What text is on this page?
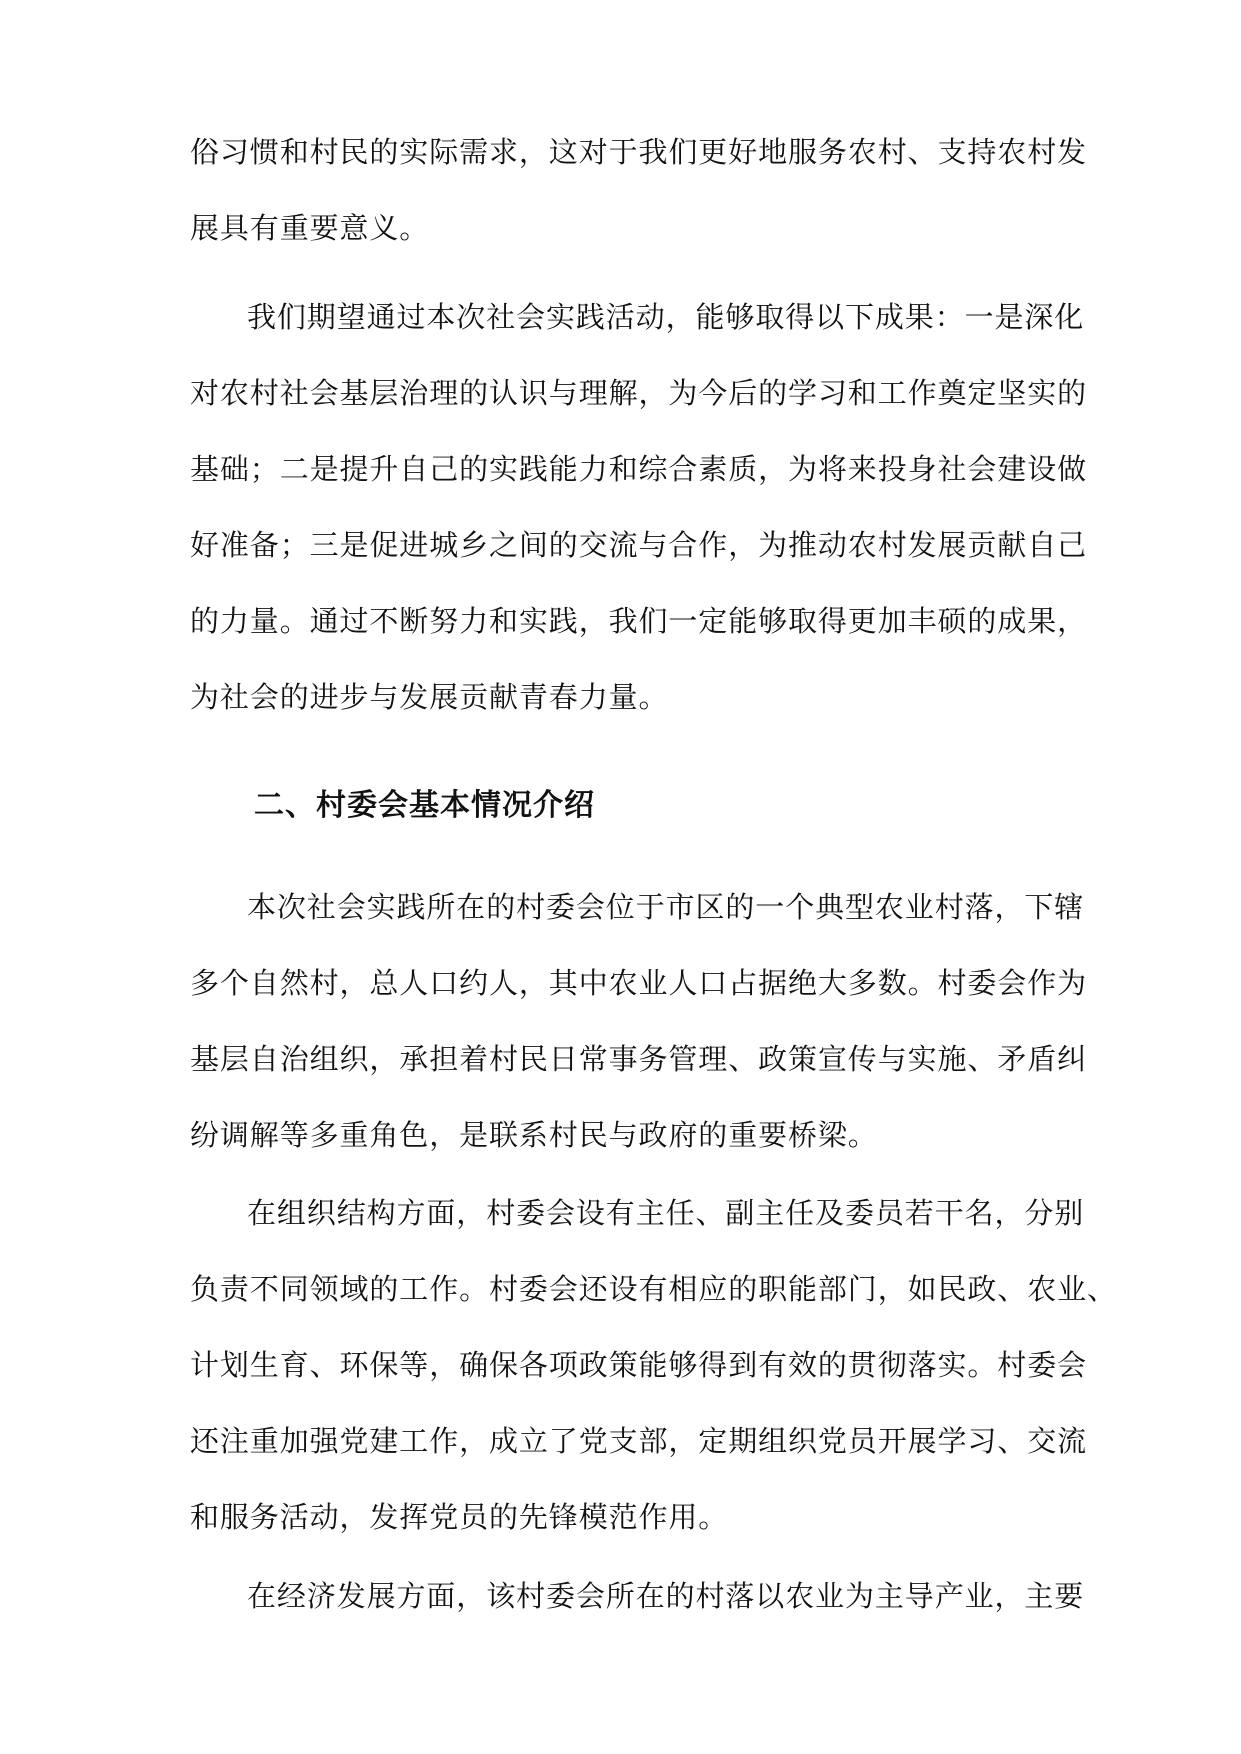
俗习惯和村民的实际需求，这对于我们更好地服务农村、支持农村发
展具有重要意义。
我们期望通过本次社会实践活动，能够取得以下成果：一是深化
对农村社会基层治理的认识与理解，为今后的学习和工作奠定坚实的
基础；二是提升自己的实践能力和综合素质，为将来投身社会建设做
好准备；三是促进城乡之间的交流与合作，为推动农村发展贡献自己
的力量。通过不断努力和实践，我们一定能够取得更加丰硕的成果，
为社会的进步与发展贡献青春力量。
二、村委会基本情况介绍
本次社会实践所在的村委会位于市区的一个典型农业村落，下辖
多个自然村，总人口约人，其中农业人口占据绝大多数。村委会作为
基层自治组织，承担着村民日常事务管理、政策宣传与实施、矛盾纠
纷调解等多重角色，是联系村民与政府的重要桥梁。
在组织结构方面，村委会设有主任、副主任及委员若干名，分别
负责不同领域的工作。村委会还设有相应的职能部门，如民政、农业、
计划生育、环保等，确保各项政策能够得到有效的贯彻落实。村委会
还注重加强党建工作，成立了党支部，定期组织党员开展学习、交流
和服务活动，发挥党员的先锋模范作用。
在经济发展方面，该村委会所在的村落以农业为主导产业，主要
